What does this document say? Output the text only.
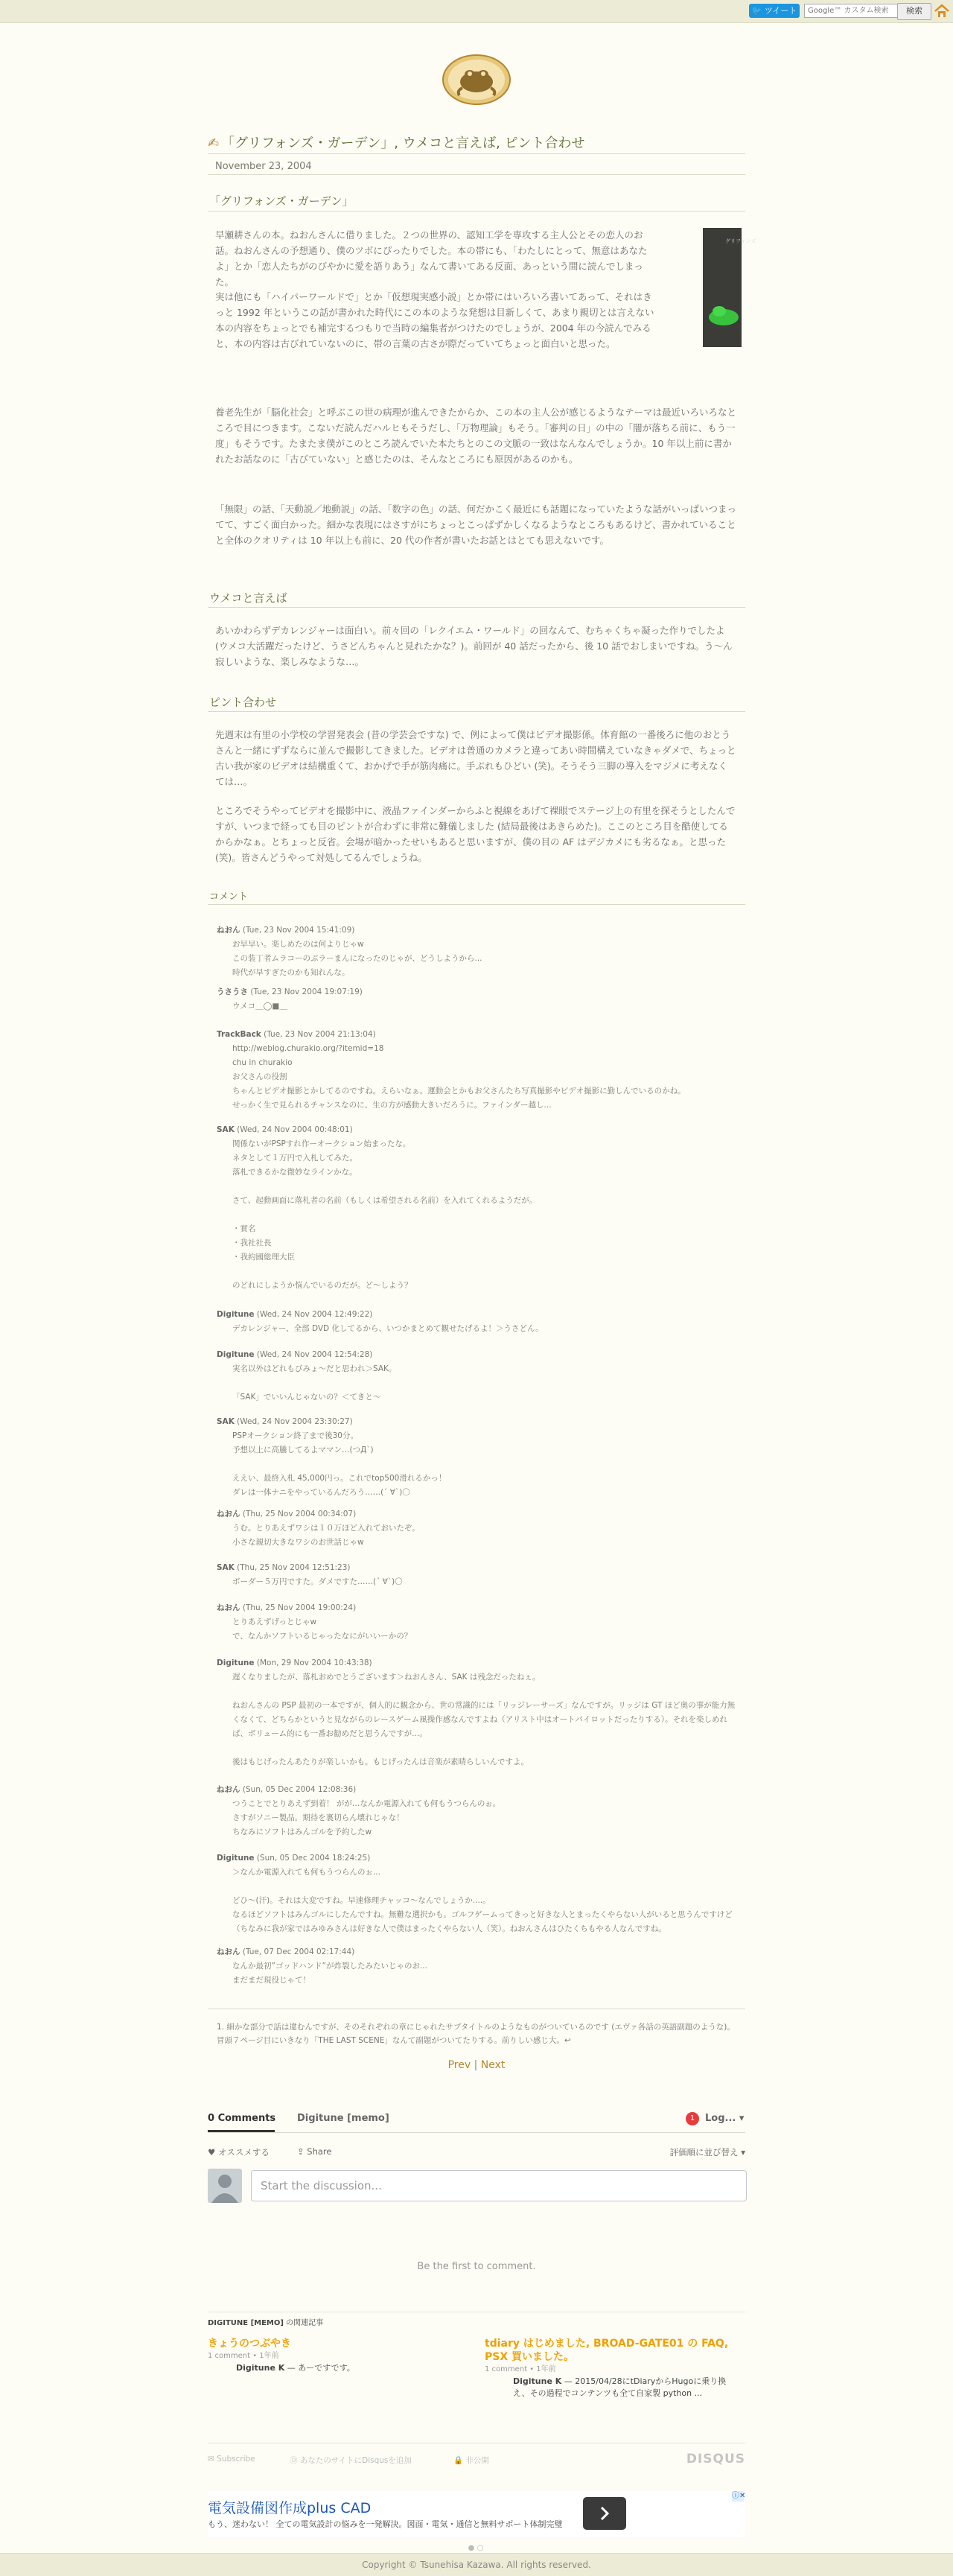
🐦 ツイート
Google™ カスタム検索	検索
✍ 「グリフォンズ・ガーデン」, ウメコと言えば, ピント合わせ
November 23, 2004
「グリフォンズ・ガーデン」
早瀬耕さんの本。ねおんさんに借りました。２つの世界の、認知工学を専攻する主人公とその恋人のお話。ねおんさんの予想通り、僕のツボにぴったりでした。本の帯にも、「わたしにとって、無意はあなたよ」とか「恋人たちがのびやかに愛を語りあう」なんて書いてある反面、あっという間に読んでしまった。
実は他にも「ハイパーワールドで」とか「仮想現実感小説」とか帯にはいろいろ書いてあって、それはきっと 1992 年というこの話が書かれた時代にこの本のような発想は目新しくて、あまり親切とは言えない本の内容をちょっとでも補完するつもりで当時の編集者がつけたのでしょうが、2004 年の今読んでみると、本の内容は古びれていないのに、帯の言葉の古さが際だっていてちょっと面白いと思った。
グリフォンズ
養老先生が「脳化社会」と呼ぶこの世の病理が進んできたからか、この本の主人公が感じるようなテーマは最近いろいろなところで目につきます。こないだ読んだハルヒもそうだし、「万物理論」もそう。「審判の日」の中の「闇が落ちる前に、もう一度」もそうです。たまたま僕がこのところ読んでいた本たちとのこの文脈の一致はなんなんでしょうか。10 年以上前に書かれたお話なのに「古びていない」と感じたのは、そんなところにも原因があるのかも。
「無限」の話、「天動説／地動説」の話、「数字の色」の話、何だかこく最近にも話題になっていたような話がいっぱいつまってて、すごく面白かった。細かな表現にはさすがにちょっとこっぱずかしくなるようなところもあるけど、書かれていることと全体のクオリティは 10 年以上も前に、20 代の作者が書いたお話とはとても思えないです。
ウメコと言えば
あいかわらずデカレンジャーは面白い。前々回の「レクイエム・ワールド」の回なんて、むちゃくちゃ凝った作りでしたよ (ウメコ大活躍だったけど、うさどんちゃんと見れたかな？)。前回が 40 話だったから、後 10 話でおしまいですね。う〜ん寂しいような、楽しみなような…。
ピント合わせ
先週末は有里の小学校の学習発表会 (昔の学芸会ですな) で、例によって僕はビデオ撮影係。体育館の一番後ろに他のおとうさんと一緒にずずならに並んで撮影してきました。ビデオは普通のカメラと違ってあい時間構えていなきゃダメで、ちょっと古い我が家のビデオは結構重くて、おかげで手が筋肉痛に。手ぶれもひどい (笑)。そうそう三脚の導入をマジメに考えなくては…。
ところでそうやってビデオを撮影中に、液晶ファインダーからふと視線をあげて裸眼でステージ上の有里を探そうとしたんですが、いつまで経っても目のピントが合わずに非常に難儀しました (結局最後はあきらめた)。ここのところ目を酷使してるからかなぁ。とちょっと反省。会場が暗かったせいもあると思いますが、僕の目の AF はデジカメにも劣るなぁ。と思った(笑)。皆さんどうやって対処してるんでしょうね。
コメント
ねおん (Tue, 23 Nov 2004 15:41:09)
お早早い。楽しめたのは何よりじゃw
この装丁者ムラコーのぶラーまんになったのじゃが、どうしようから...
時代が早すぎたのかも知れんな。
うさうさ (Tue, 23 Nov 2004 19:07:19)
ウメコ＿◯■＿
TrackBack (Tue, 23 Nov 2004 21:13:04)
http://weblog.churakio.org/?itemid=18
chu in churakio
お父さんの役割
ちゃんとビデオ撮影とかしてるのですね。えらいなぁ。運動会とかもお父さんたち写真撮影やビデオ撮影に勤しんでいるのかね。
せっかく生で見られるチャンスなのに、生の方が感動大きいだろうに。ファインダー越し...
SAK (Wed, 24 Nov 2004 00:48:01)
関係ないがPSPすれ作ーオークション始まったな。
ネタとして１万円で入札してみた。
落札できるかな微妙なラインかな。
さて、起動画面に落札者の名前（もしくは希望される名前）を入れてくれるようだが。
・實名
・我社社長
・我約國総理大臣
のどれにしようか悩んでいるのだが。ど〜しよう？
Digitune (Wed, 24 Nov 2004 12:49:22)
デカレンジャー、全部 DVD 化してるから、いつかまとめて観せたげるよ！＞うさどん。
Digitune (Wed, 24 Nov 2004 12:54:28)
実名以外はどれもびみょ〜だと思われ＞SAK。
「SAK」でいいんじゃないの？＜てきと〜
SAK (Wed, 24 Nov 2004 23:30:27)
PSPオークション終了まで後30分。
予想以上に高騰してるよママン…(つД`)
ええい、最終入札 45,000円っ。これでtop500滑れるかっ！
ダレは一体ナニをやっているんだろう……(´ ∀`)〇
ねおん (Thu, 25 Nov 2004 00:34:07)
うむ。とりあえずワシは１０万ほど入れておいたぞ。
小さな親切大きなワシのお世話じゃw
SAK (Thu, 25 Nov 2004 12:51:23)
ボーダー５万円ですた。ダメですた……(´ ∀`)〇
ねおん (Thu, 25 Nov 2004 19:00:24)
とりあえずげっとじゃw
で、なんかソフトいるじゃったなにがいいーかの？
Digitune (Mon, 29 Nov 2004 10:43:38)
遅くなりましたが、落札おめでとうございます＞ねおんさん、SAK は残念だったねぇ。
ねおんさんの PSP 最初の一本ですが、個人的に観念から、世の常識的には「リッジレーサーズ」なんですが。リッジは GT ほど奥の事が能力無くなくて、どちらかというと見ながらのレースゲーム風操作感なんですよね（アリスト中はオートパイロットだったりする）。それを楽しめれば、ボリューム的にも一番お勧めだと思うんですが...。
後はもじげったんあたりが楽しいかも。もじげったんは音楽が素晴らしいんですよ。
ねおん (Sun, 05 Dec 2004 12:08:36)
つうことでとりあえず到着！ がが…なんか電源入れても何もうつらんのぉ。
さすがソニー製品。期待を裏切らん壊れじゃな！
ちなみにソフトはみんゴルを予約したw
Digitune (Sun, 05 Dec 2004 18:24:25)
＞なんか電源入れても何もうつらんのぉ...
どひ〜(汗)。それは大変ですね。早速修理チャッコ〜なんでしょうか....。
なるほどソフトはみんゴルにしたんですね。無難な選択かも。ゴルフゲームってきっと好きな人とまったくやらない人がいると思うんですけど（ちなみに我が家ではみゆみさんは好きな人で僕はまったくやらない人（笑）。ねおんさんはひたくちもやる人なんですね。
ねおん (Tue, 07 Dec 2004 02:17:44)
なんか最初”ゴッドハンド”が炸裂したみたいじゃのお...
まだまだ現役じゃて！
1. 細かな部分で話は違むんですが、そのそれぞれの章にじゃれたサブタイトルのようなものがついているのです (エヴァ各話の英語副題のような)。冒頭７ページ目にいきなり「THE LAST SCENE」なんて副題がついてたりする。前りしい感じ大。↩
Prev | Next
0 Comments Digitune [memo]	1	Log... ▾
♥ オススメする	⇪ Share	評価順に並び替え ▾
Start the discussion...
Be the first to comment.
DIGITUNE [MEMO] の関連記事
きょうのつぶやき
1 comment • 1年前
Digitune K — あーですです。
tdiary はじめました, BROAD-GATE01 の FAQ, PSX 買いました。
1 comment • 1年前
Digitune K — 2015/04/28にtDiaryからHugoに乗り換え、その過程でコンテンツも全て自家製 python ...
✉ Subscribe	Ⓓ あなたのサイトにDisqusを追加	🔒 非公開	DISQUS
電気設備図作成plus CAD
もう、迷わない！ 全ての電気設計の悩みを一発解決。図面・電気・通信と無料サポート体制完璧
ⓘ✕
● ○
Copyright © Tsunehisa Kazawa. All rights reserved.
